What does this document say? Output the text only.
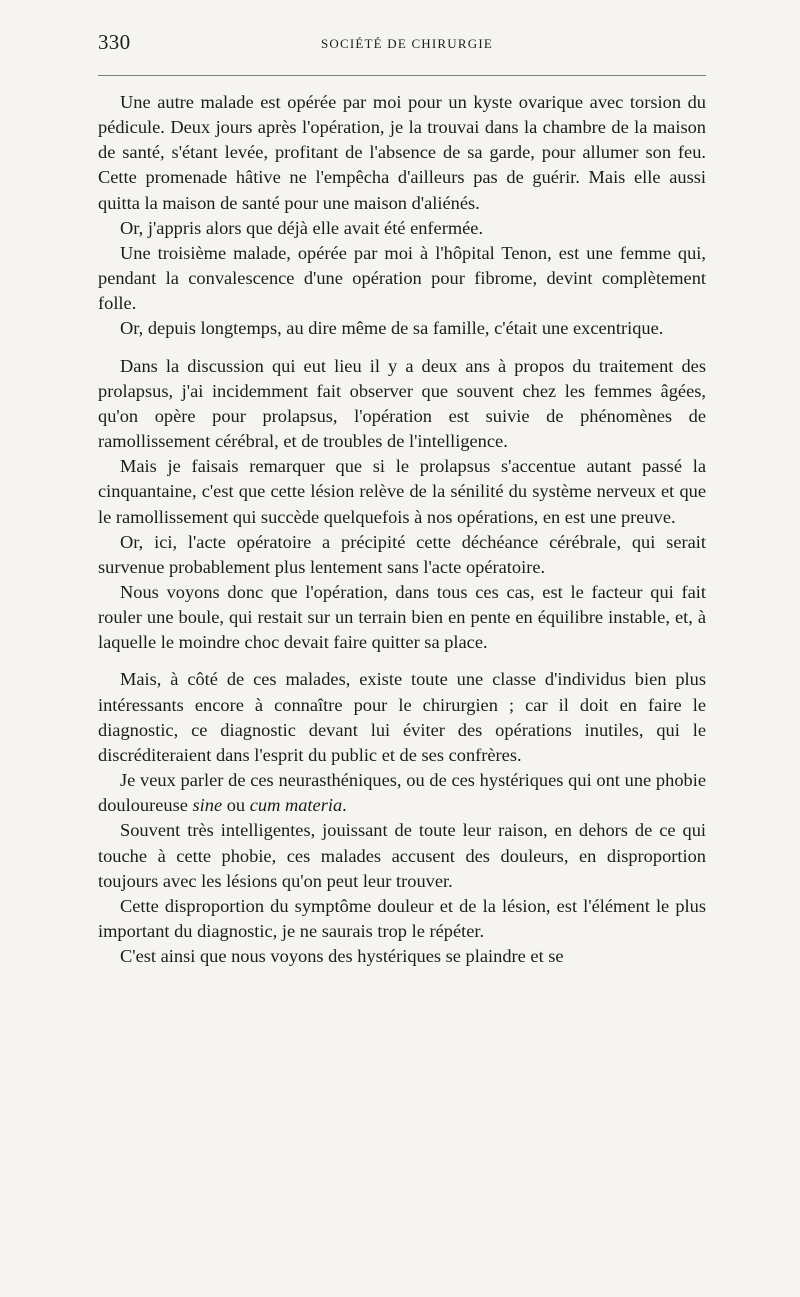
330	SOCIÉTÉ DE CHIRURGIE

Une autre malade est opérée par moi pour un kyste ovarique avec torsion du pédicule. Deux jours après l'opération, je la trouvai dans la chambre de la maison de santé, s'étant levée, profitant de l'absence de sa garde, pour allumer son feu. Cette promenade hâtive ne l'empêcha d'ailleurs pas de guérir. Mais elle aussi quitta la maison de santé pour une maison d'aliénés.

Or, j'appris alors que déjà elle avait été enfermée.

Une troisième malade, opérée par moi à l'hôpital Tenon, est une femme qui, pendant la convalescence d'une opération pour fibrome, devint complètement folle.

Or, depuis longtemps, au dire même de sa famille, c'était une excentrique.

Dans la discussion qui eut lieu il y a deux ans à propos du traitement des prolapsus, j'ai incidemment fait observer que souvent chez les femmes âgées, qu'on opère pour prolapsus, l'opération est suivie de phénomènes de ramollissement cérébral, et de troubles de l'intelligence.

Mais je faisais remarquer que si le prolapsus s'accentue autant passé la cinquantaine, c'est que cette lésion relève de la sénilité du système nerveux et que le ramollissement qui succède quelquefois à nos opérations, en est une preuve.

Or, ici, l'acte opératoire a précipité cette déchéance cérébrale, qui serait survenue probablement plus lentement sans l'acte opératoire.

Nous voyons donc que l'opération, dans tous ces cas, est le facteur qui fait rouler une boule, qui restait sur un terrain bien en pente en équilibre instable, et, à laquelle le moindre choc devait faire quitter sa place.

Mais, à côté de ces malades, existe toute une classe d'individus bien plus intéressants encore à connaître pour le chirurgien ; car il doit en faire le diagnostic, ce diagnostic devant lui éviter des opérations inutiles, qui le discréditeraient dans l'esprit du public et de ses confrères.

Je veux parler de ces neurasthéniques, ou de ces hystériques qui ont une phobie douloureuse sine ou cum materia.

Souvent très intelligentes, jouissant de toute leur raison, en dehors de ce qui touche à cette phobie, ces malades accusent des douleurs, en disproportion toujours avec les lésions qu'on peut leur trouver.

Cette disproportion du symptôme douleur et de la lésion, est l'élément le plus important du diagnostic, je ne saurais trop le répéter.

C'est ainsi que nous voyons des hystériques se plaindre et se
